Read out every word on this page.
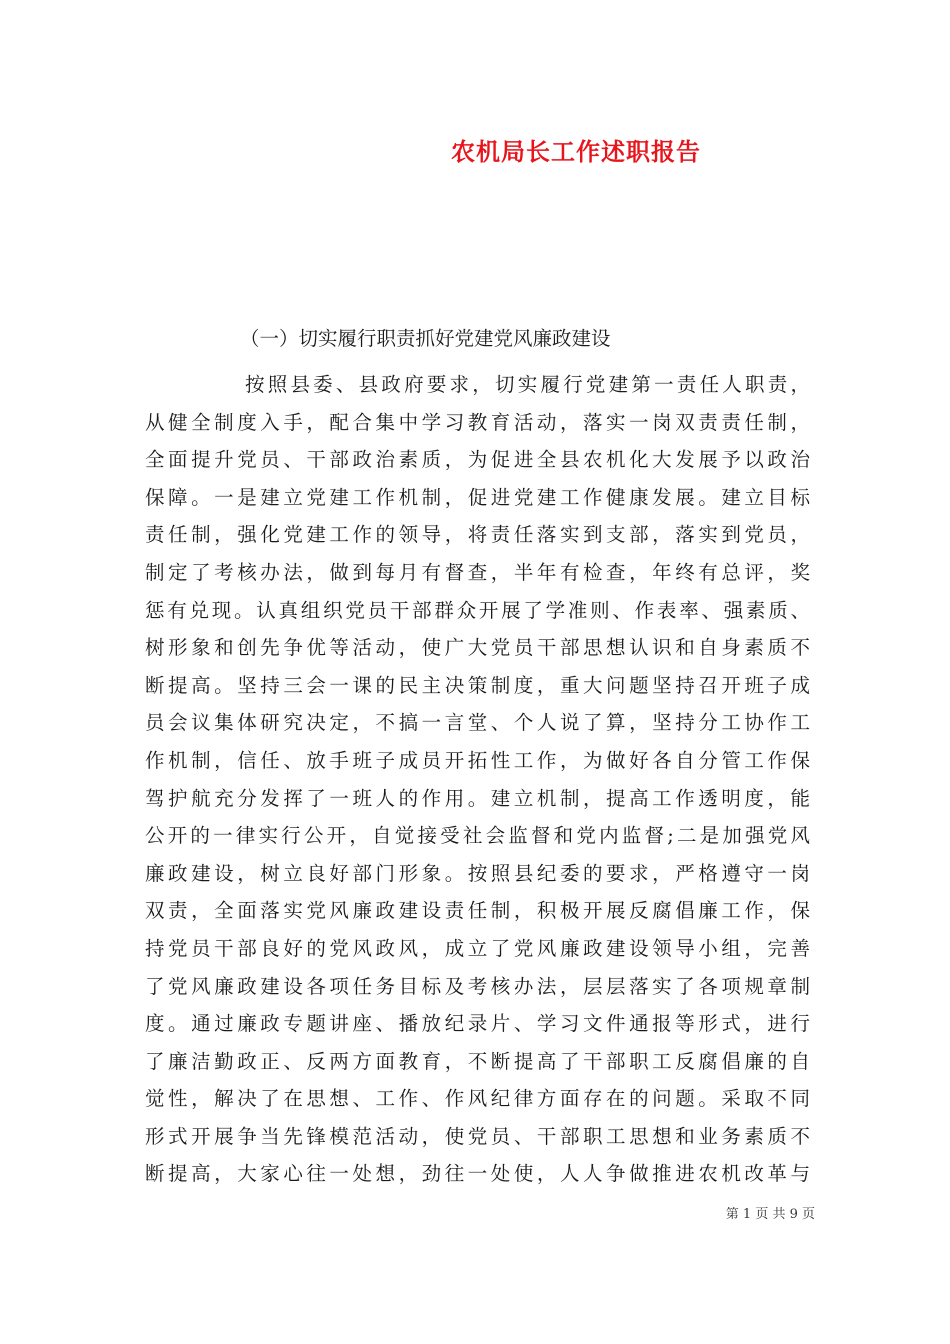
农机局长工作述职报告
（一）切实履行职责抓好党建党风廉政建设
按照县委、县政府要求，切实履行党建第一责任人职责，
从健全制度入手，配合集中学习教育活动，落实一岗双责责任制，
全面提升党员、干部政治素质，为促进全县农机化大发展予以政治
保障。一是建立党建工作机制，促进党建工作健康发展。建立目标
责任制，强化党建工作的领导，将责任落实到支部，落实到党员，
制定了考核办法，做到每月有督查，半年有检查，年终有总评，奖
惩有兑现。认真组织党员干部群众开展了学准则、作表率、强素质、
树形象和创先争优等活动，使广大党员干部思想认识和自身素质不
断提高。坚持三会一课的民主决策制度，重大问题坚持召开班子成
员会议集体研究决定，不搞一言堂、个人说了算，坚持分工协作工
作机制，信任、放手班子成员开拓性工作，为做好各自分管工作保
驾护航充分发挥了一班人的作用。建立机制，提高工作透明度，能
公开的一律实行公开，自觉接受社会监督和党内监督;二是加强党风
廉政建设，树立良好部门形象。按照县纪委的要求，严格遵守一岗
双责，全面落实党风廉政建设责任制，积极开展反腐倡廉工作，保
持党员干部良好的党风政风，成立了党风廉政建设领导小组，完善
了党风廉政建设各项任务目标及考核办法，层层落实了各项规章制
度。通过廉政专题讲座、播放纪录片、学习文件通报等形式，进行
了廉洁勤政正、反两方面教育，不断提高了干部职工反腐倡廉的自
觉性，解决了在思想、工作、作风纪律方面存在的问题。采取不同
形式开展争当先锋模范活动，使党员、干部职工思想和业务素质不
断提高，大家心往一处想，劲往一处使，人人争做推进农机改革与
第 1 页 共 9 页
